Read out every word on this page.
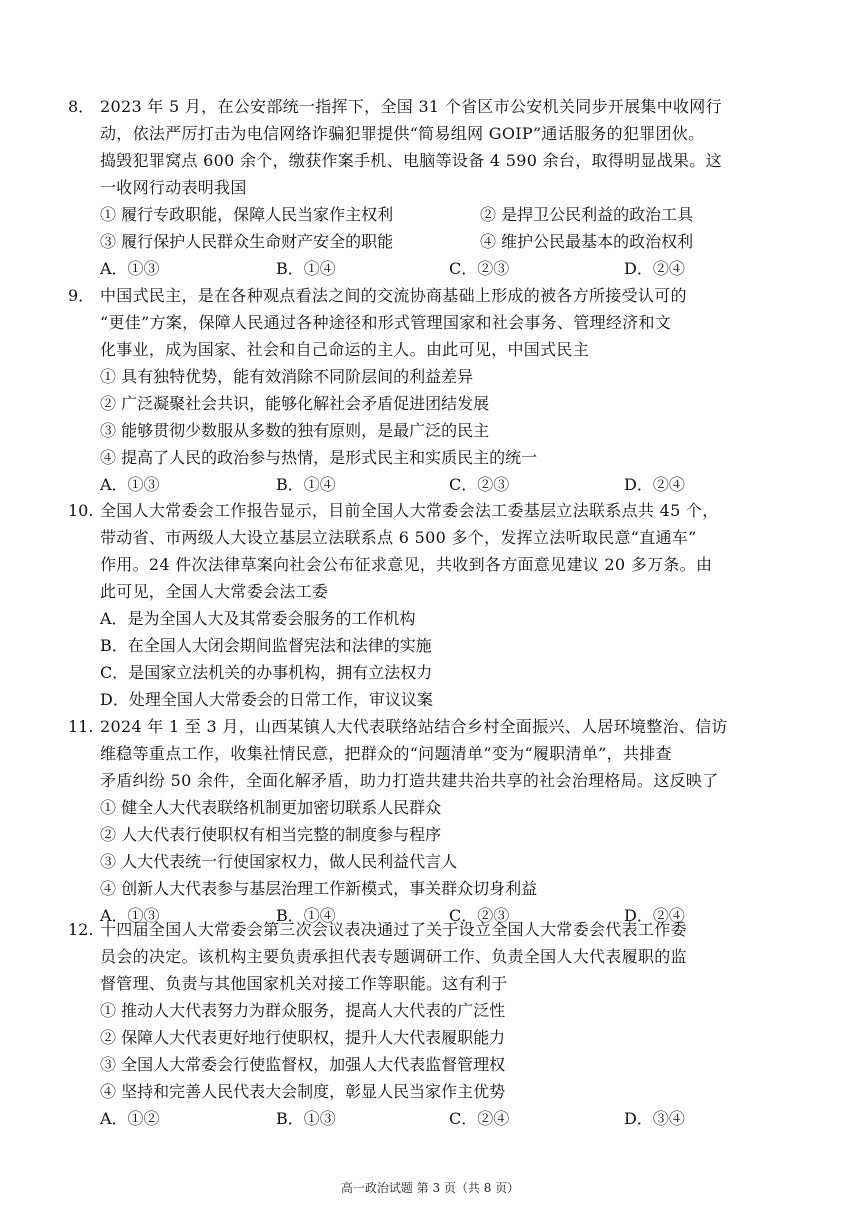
8． 2023 年 5 月，在公安部统一指挥下，全国 31 个省区市公安机关同步开展集中收网行
动，依法严厉打击为电信网络诈骗犯罪提供“简易组网 GOIP”通话服务的犯罪团伙。
捣毁犯罪窝点 600 余个，缴获作案手机、电脑等设备 4 590 余台，取得明显战果。这
一收网行动表明我国
① 履行专政职能，保障人民当家作主权利	② 是捍卫公民利益的政治工具
③ 履行保护人民群众生命财产安全的职能	④ 维护公民最基本的政治权利
A．①③	B．①④	C．②③	D．②④
9． 中国式民主，是在各种观点看法之间的交流协商基础上形成的被各方所接受认可的
“更佳”方案，保障人民通过各种途径和形式管理国家和社会事务、管理经济和文
化事业，成为国家、社会和自己命运的主人。由此可见，中国式民主
① 具有独特优势，能有效消除不同阶层间的利益差异
② 广泛凝聚社会共识，能够化解社会矛盾促进团结发展
③ 能够贯彻少数服从多数的独有原则，是最广泛的民主
④ 提高了人民的政治参与热情，是形式民主和实质民主的统一
A．①③	B．①④	C．②③	D．②④
10. 全国人大常委会工作报告显示，目前全国人大常委会法工委基层立法联系点共 45 个，
带动省、市两级人大设立基层立法联系点 6 500 多个，发挥立法听取民意“直通车”
作用。24 件次法律草案向社会公布征求意见，共收到各方面意见建议 20 多万条。由
此可见，全国人大常委会法工委
A．是为全国人大及其常委会服务的工作机构
B．在全国人大闭会期间监督宪法和法律的实施
C．是国家立法机关的办事机构，拥有立法权力
D．处理全国人大常委会的日常工作，审议议案
11. 2024 年 1 至 3 月，山西某镇人大代表联络站结合乡村全面振兴、人居环境整治、信访
维稳等重点工作，收集社情民意，把群众的“问题清单”变为“履职清单”，共排查
矛盾纠纷 50 余件，全面化解矛盾，助力打造共建共治共享的社会治理格局。这反映了
① 健全人大代表联络机制更加密切联系人民群众
② 人大代表行使职权有相当完整的制度参与程序
③ 人大代表统一行使国家权力，做人民利益代言人
④ 创新人大代表参与基层治理工作新模式，事关群众切身利益
A．①③	B．①④	C．②③	D．②④
12. 十四届全国人大常委会第三次会议表决通过了关于设立全国人大常委会代表工作委
员会的决定。该机构主要负责承担代表专题调研工作、负责全国人大代表履职的监
督管理、负责与其他国家机关对接工作等职能。这有利于
① 推动人大代表努力为群众服务，提高人大代表的广泛性
② 保障人大代表更好地行使职权，提升人大代表履职能力
③ 全国人大常委会行使监督权，加强人大代表监督管理权
④ 坚持和完善人民代表大会制度，彰显人民当家作主优势
A．①②	B．①③	C．②④	D．③④
高一政治试题 第 3 页（共 8 页）
